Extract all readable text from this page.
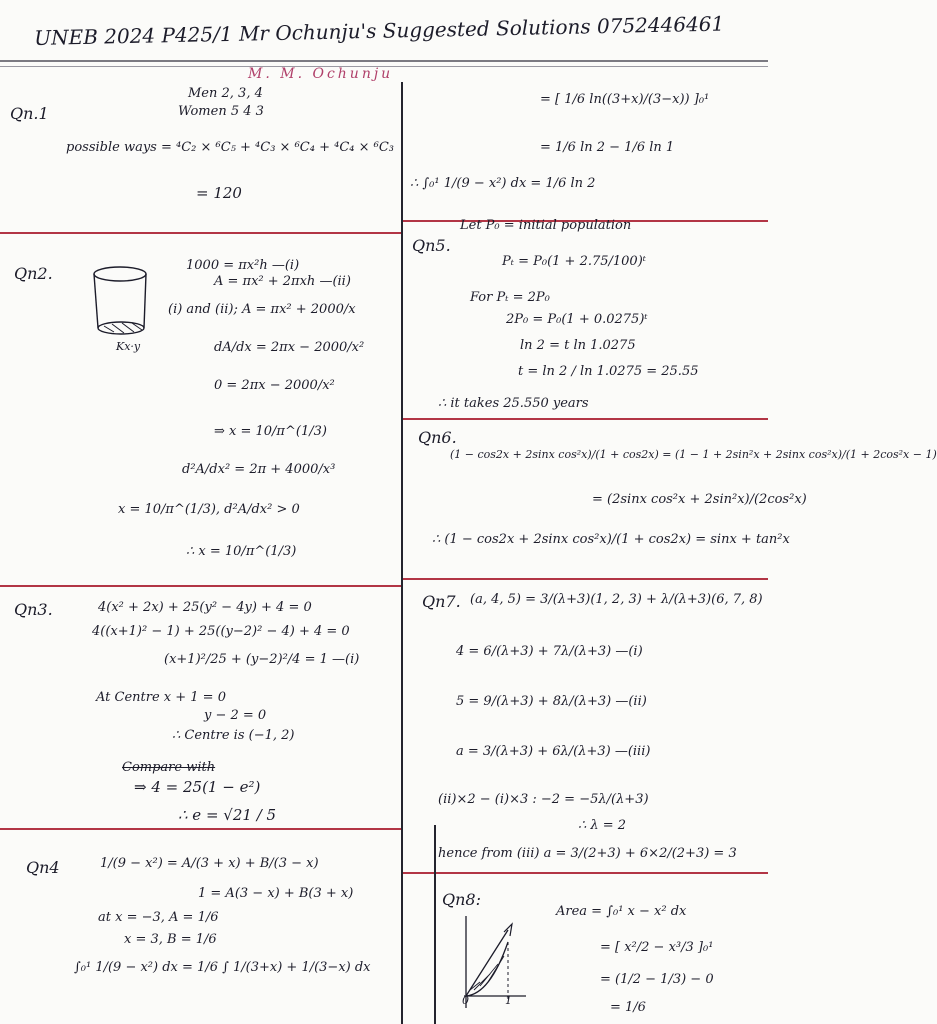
UNEB 2024 P425/1 Mr Ochunju's Suggested Solutions 0752446461
M. M. Ochunju
Qn.1
Men 2, 3, 4
Women 5 4 3
possible ways = ⁴C₂ × ⁶C₅ + ⁴C₃ × ⁶C₄ + ⁴C₄ × ⁶C₃
= 120
Qn2.
Kx·y
1000 = πx²h —(i)
A = πx² + 2πxh —(ii)
(i) and (ii); A = πx² + 2000/x
dA/dx = 2πx − 2000/x²
0 = 2πx − 2000/x²
⇒ x = 10/π^(1/3)
d²A/dx² = 2π + 4000/x³
x = 10/π^(1/3), d²A/dx² > 0
∴ x = 10/π^(1/3)
Qn3.	4(x² + 2x) + 25(y² − 4y) + 4 = 0
4((x+1)² − 1) + 25((y−2)² − 4) + 4 = 0
(x+1)²/25 + (y−2)²/4 = 1 —(i)
At Centre x + 1 = 0
y − 2 = 0
∴ Centre is (−1, 2)
Compare with
⇒ 4 = 25(1 − e²)
∴ e = √21 / 5
Qn4	1/(9 − x²) = A/(3 + x) + B/(3 − x)
1 = A(3 − x) + B(3 + x)
at x = −3, A = 1/6
x = 3, B = 1/6
∫₀¹ 1/(9 − x²) dx = 1/6 ∫ 1/(3+x) + 1/(3−x) dx
= [ 1/6 ln((3+x)/(3−x)) ]₀¹
= 1/6 ln 2 − 1/6 ln 1
∴ ∫₀¹ 1/(9 − x²) dx = 1/6 ln 2
Qn5.
Let P₀ = initial population
Pₜ = P₀(1 + 2.75/100)ᵗ
For Pₜ = 2P₀
2P₀ = P₀(1 + 0.0275)ᵗ
ln 2 = t ln 1.0275
t = ln 2 / ln 1.0275 = 25.55
∴ it takes 25.550 years
Qn6.
(1 − cos2x + 2sinx cos²x)/(1 + cos2x) = (1 − 1 + 2sin²x + 2sinx cos²x)/(1 + 2cos²x − 1)
= (2sinx cos²x + 2sin²x)/(2cos²x)
∴ (1 − cos2x + 2sinx cos²x)/(1 + cos2x) = sinx + tan²x
Qn7. (a, 4, 5) = 3/(λ+3)(1, 2, 3) + λ/(λ+3)(6, 7, 8)
4 = 6/(λ+3) + 7λ/(λ+3) —(i)
5 = 9/(λ+3) + 8λ/(λ+3) —(ii)
a = 3/(λ+3) + 6λ/(λ+3) —(iii)
(ii)×2 − (i)×3 : −2 = −5λ/(λ+3)
∴ λ = 2
hence from (iii) a = 3/(2+3) + 6×2/(2+3) = 3
Qn8:
0	1
Area = ∫₀¹ x − x² dx
= [ x²/2 − x³/3 ]₀¹
= (1/2 − 1/3) − 0
= 1/6
